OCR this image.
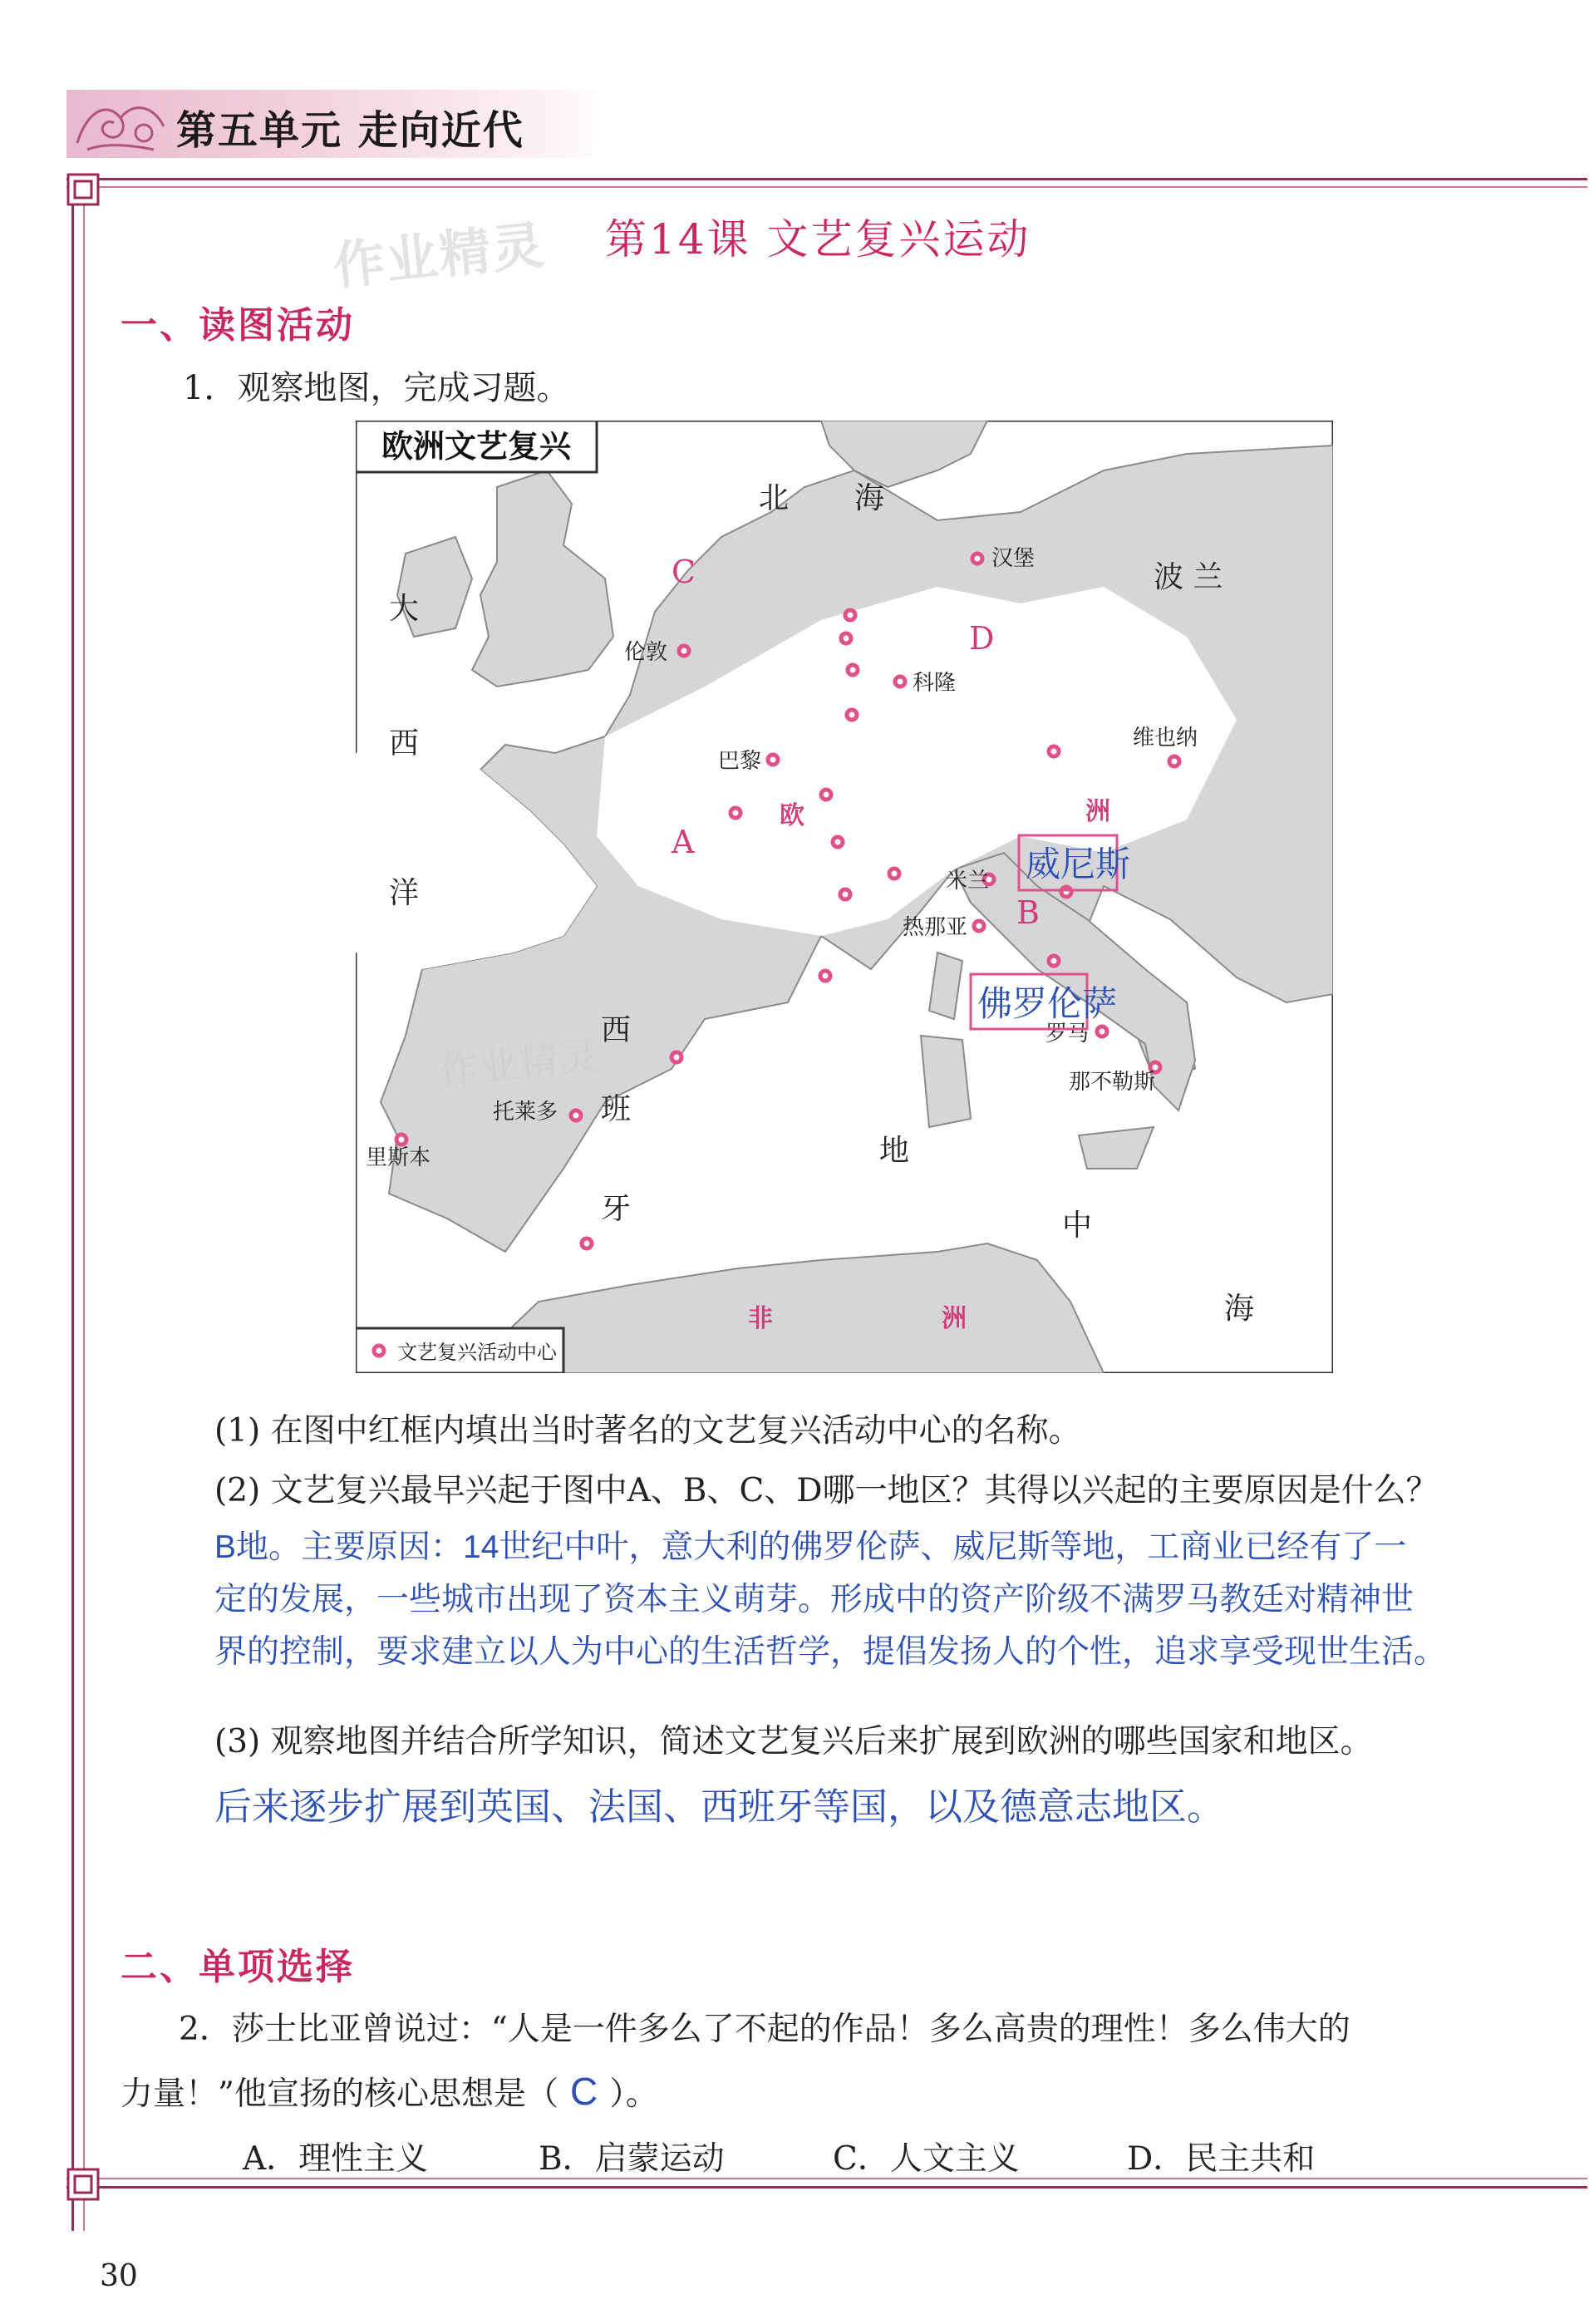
第五单元 走向近代
作业精灵 第14课 文艺复兴运动
一、读图活动
1．观察地图，完成习题。
欧洲文艺复兴
北 海
大
西
洋
地
中
海
波 兰
西
班
牙
欧	洲
非	洲
A
B
C
D
伦敦
汉堡
科隆
巴黎
维也纳
米兰
热那亚
罗马
那不勒斯
托莱多
里斯本
威尼斯
佛罗伦萨
作业精灵
文艺复兴活动中心
(1) 在图中红框内填出当时著名的文艺复兴活动中心的名称。
(2) 文艺复兴最早兴起于图中A、B、C、D哪一地区？其得以兴起的主要原因是什么？
B地。主要原因：14世纪中叶，意大利的佛罗伦萨、威尼斯等地，工商业已经有了一
定的发展，一些城市出现了资本主义萌芽。形成中的资产阶级不满罗马教廷对精神世
界的控制，要求建立以人为中心的生活哲学，提倡发扬人的个性，追求享受现世生活。
(3) 观察地图并结合所学知识，简述文艺复兴后来扩展到欧洲的哪些国家和地区。
后来逐步扩展到英国、法国、西班牙等国，以及德意志地区。
二、单项选择
2．莎士比亚曾说过：“人是一件多么了不起的作品！多么高贵的理性！多么伟大的
力量！”他宣扬的核心思想是（ C ）。
A．理性主义	B．启蒙运动	C．人文主义	D．民主共和
30
